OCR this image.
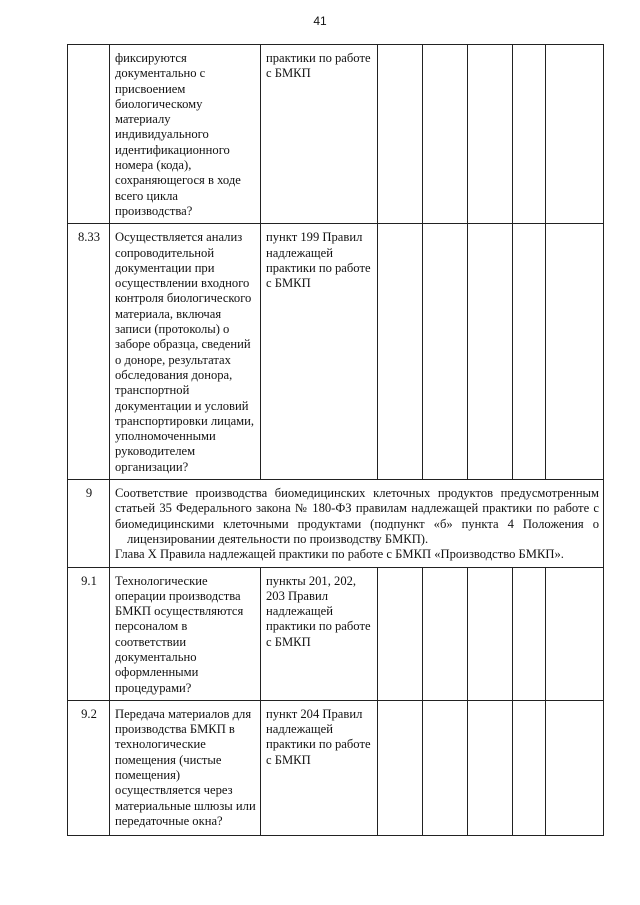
41
	фиксируются документально с присвоением биологическому материалу индивидуального идентификационного номера (кода), сохраняющегося в ходе всего цикла производства?	практики по работе с БМКП					
8.33	Осуществляется анализ сопроводительной документации при осуществлении входного контроля биологического материала, включая записи (протоколы) о заборе образца, сведений о доноре, результатах обследования донора, транспортной документации и условий транспортировки лицами, уполномоченными руководителем организации?	пункт 199 Правил надлежащей практики по работе с БМКП					
9	Соответствие производства биомедицинских клеточных продуктов предусмотренным
статьей 35 Федерального закона № 180-ФЗ правилам надлежащей практики по работе с
биомедицинскими клеточными продуктами (подпункт «б» пункта 4 Положения о
лицензировании деятельности по производству БМКП).
Глава X Правила надлежащей практики по работе с БМКП «Производство БМКП».						

9.1	Технологические операции производства БМКП осуществляются персоналом в соответствии документально оформленными процедурами?	пункты 201, 202, 203 Правил надлежащей практики по работе с БМКП					
9.2	Передача материалов для производства БМКП в технологические помещения (чистые помещения) осуществляется через материальные шлюзы или передаточные окна?	пункт 204 Правил надлежащей практики по работе с БМКП					
